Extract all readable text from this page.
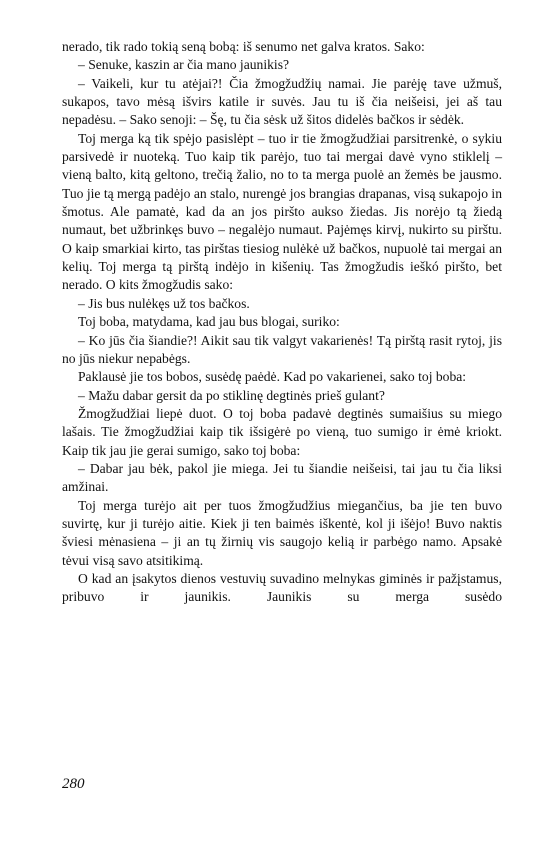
nerado, tik rado tokią seną bobą: iš senumo net galva kratos. Sako:

– Senuke, kaszin ar čia mano jaunikis?

– Vaikeli, kur tu atėjai?! Čia žmogžudžių namai. Jie parėję tave užmuš, sukapos, tavo mėsą išvirs katile ir suvės. Jau tu iš čia neišeisi, jei aš tau nepadėsu. – Sako senoji: – Šę, tu čia sėsk už šitos didelės bačkos ir sėdėk.

Toj merga ką tik spėjo pasislėpt – tuo ir tie žmogžudžiai parsitrenkė, o sykiu parsivedė ir nuoteką. Tuo kaip tik parėjo, tuo tai mergai davė vyno stiklelį – vieną balto, kitą geltono, trečią žalio, no to ta merga puolė an žemės be jausmo. Tuo jie tą mergą padėjo an stalo, nurengė jos brangias drapanas, visą sukapojo in šmotus. Ale pamatė, kad da an jos piršto aukso žiedas. Jis norėjo tą žiedą numaut, bet užbrinkęs buvo – negalėjo numaut. Pajėmęs kirvį, nukirto su pirštu. O kaip smarkiai kirto, tas pirštas tiesiog nulėkė už bačkos, nupuolė tai mergai an kelių. Toj merga tą pirštą indėjo in kišenių. Tas žmogžudis ieškó piršto, bet nerado. O kits žmogžudis sako:

– Jis bus nulėkęs už tos bačkos.

Toj boba, matydama, kad jau bus blogai, suriko:

– Ko jūs čia šiandie?! Aikit sau tik valgyt vakarienės! Tą pirštą rasit rytoj, jis no jūs niekur nepabėgs.

Paklausė jie tos bobos, susėdę paėdė. Kad po vakarienei, sako toj boba:

– Mažu dabar gersit da po stiklinę degtinės prieš gulant?

Žmogžudžiai liepė duot. O toj boba padavė degtinės sumaišius su miego lašais. Tie žmogžudžiai kaip tik išsigėrė po vieną, tuo sumigo ir ėmė kriokt. Kaip tik jau jie gerai sumigo, sako toj boba:

– Dabar jau bėk, pakol jie miega. Jei tu šiandie neišeisi, tai jau tu čia liksi amžinai.

Toj merga turėjo ait per tuos žmogžudžius miegančius, ba jie ten buvo suvirtę, kur ji turėjo aitie. Kiek ji ten baimės iškentė, kol ji išėjo! Buvo naktis šviesi mėnasiena – ji an tų žirnių vis saugojo kelią ir parbėgo namo. Apsakė tėvui visą savo atsitikimą.

O kad an įsakytos dienos vestuvių suvadino melnykas giminės ir pažįstamus, pribuvo ir jaunikis. Jaunikis su merga susėdo

280
